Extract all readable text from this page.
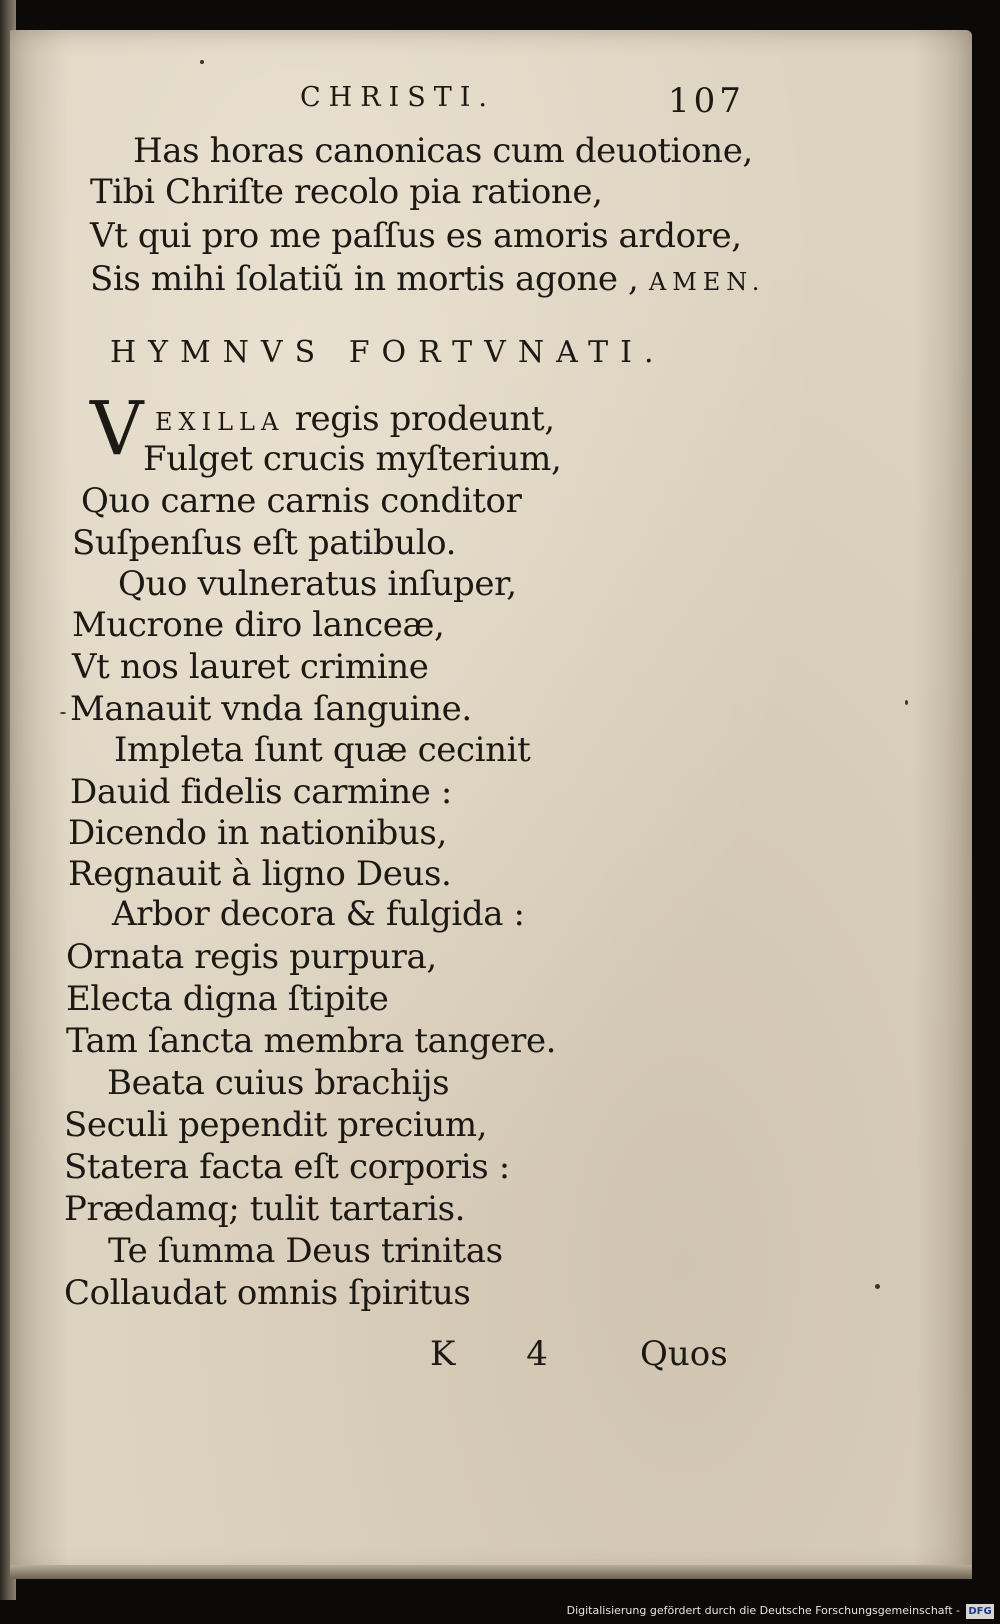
CHRISTI.	107
Has horas canonicas cum deuotione,
Tibi Chriſte recolo pia ratione,
Vt qui pro me paſſus es amoris ardore,
Sis mihi ſolatiũ in mortis agone , AMEN.
HYMNVS FORTVNATI.
V EXILLA regis prodeunt,
Fulget crucis myſterium,
Quo carne carnis conditor
Suſpenſus eſt patibulo.
Quo vulneratus inſuper,
Mucrone diro lanceæ,
Vt nos lauret crimine
Manauit vnda ſanguine.
Impleta ſunt quæ cecinit
Dauid fidelis carmine :
Dicendo in nationibus,
Regnauit à ligno Deus.
Arbor decora & fulgida :
Ornata regis purpura,
Electa digna ſtipite
Tam ſancta membra tangere.
Beata cuius brachijs
Seculi pependit precium,
Statera facta eſt corporis :
Prædamq; tulit tartaris.
Te ſumma Deus trinitas
Collaudat omnis ſpiritus
K 4 Quos
Digitalisierung gefördert durch die Deutsche Forschungsgemeinschaft - DFG
